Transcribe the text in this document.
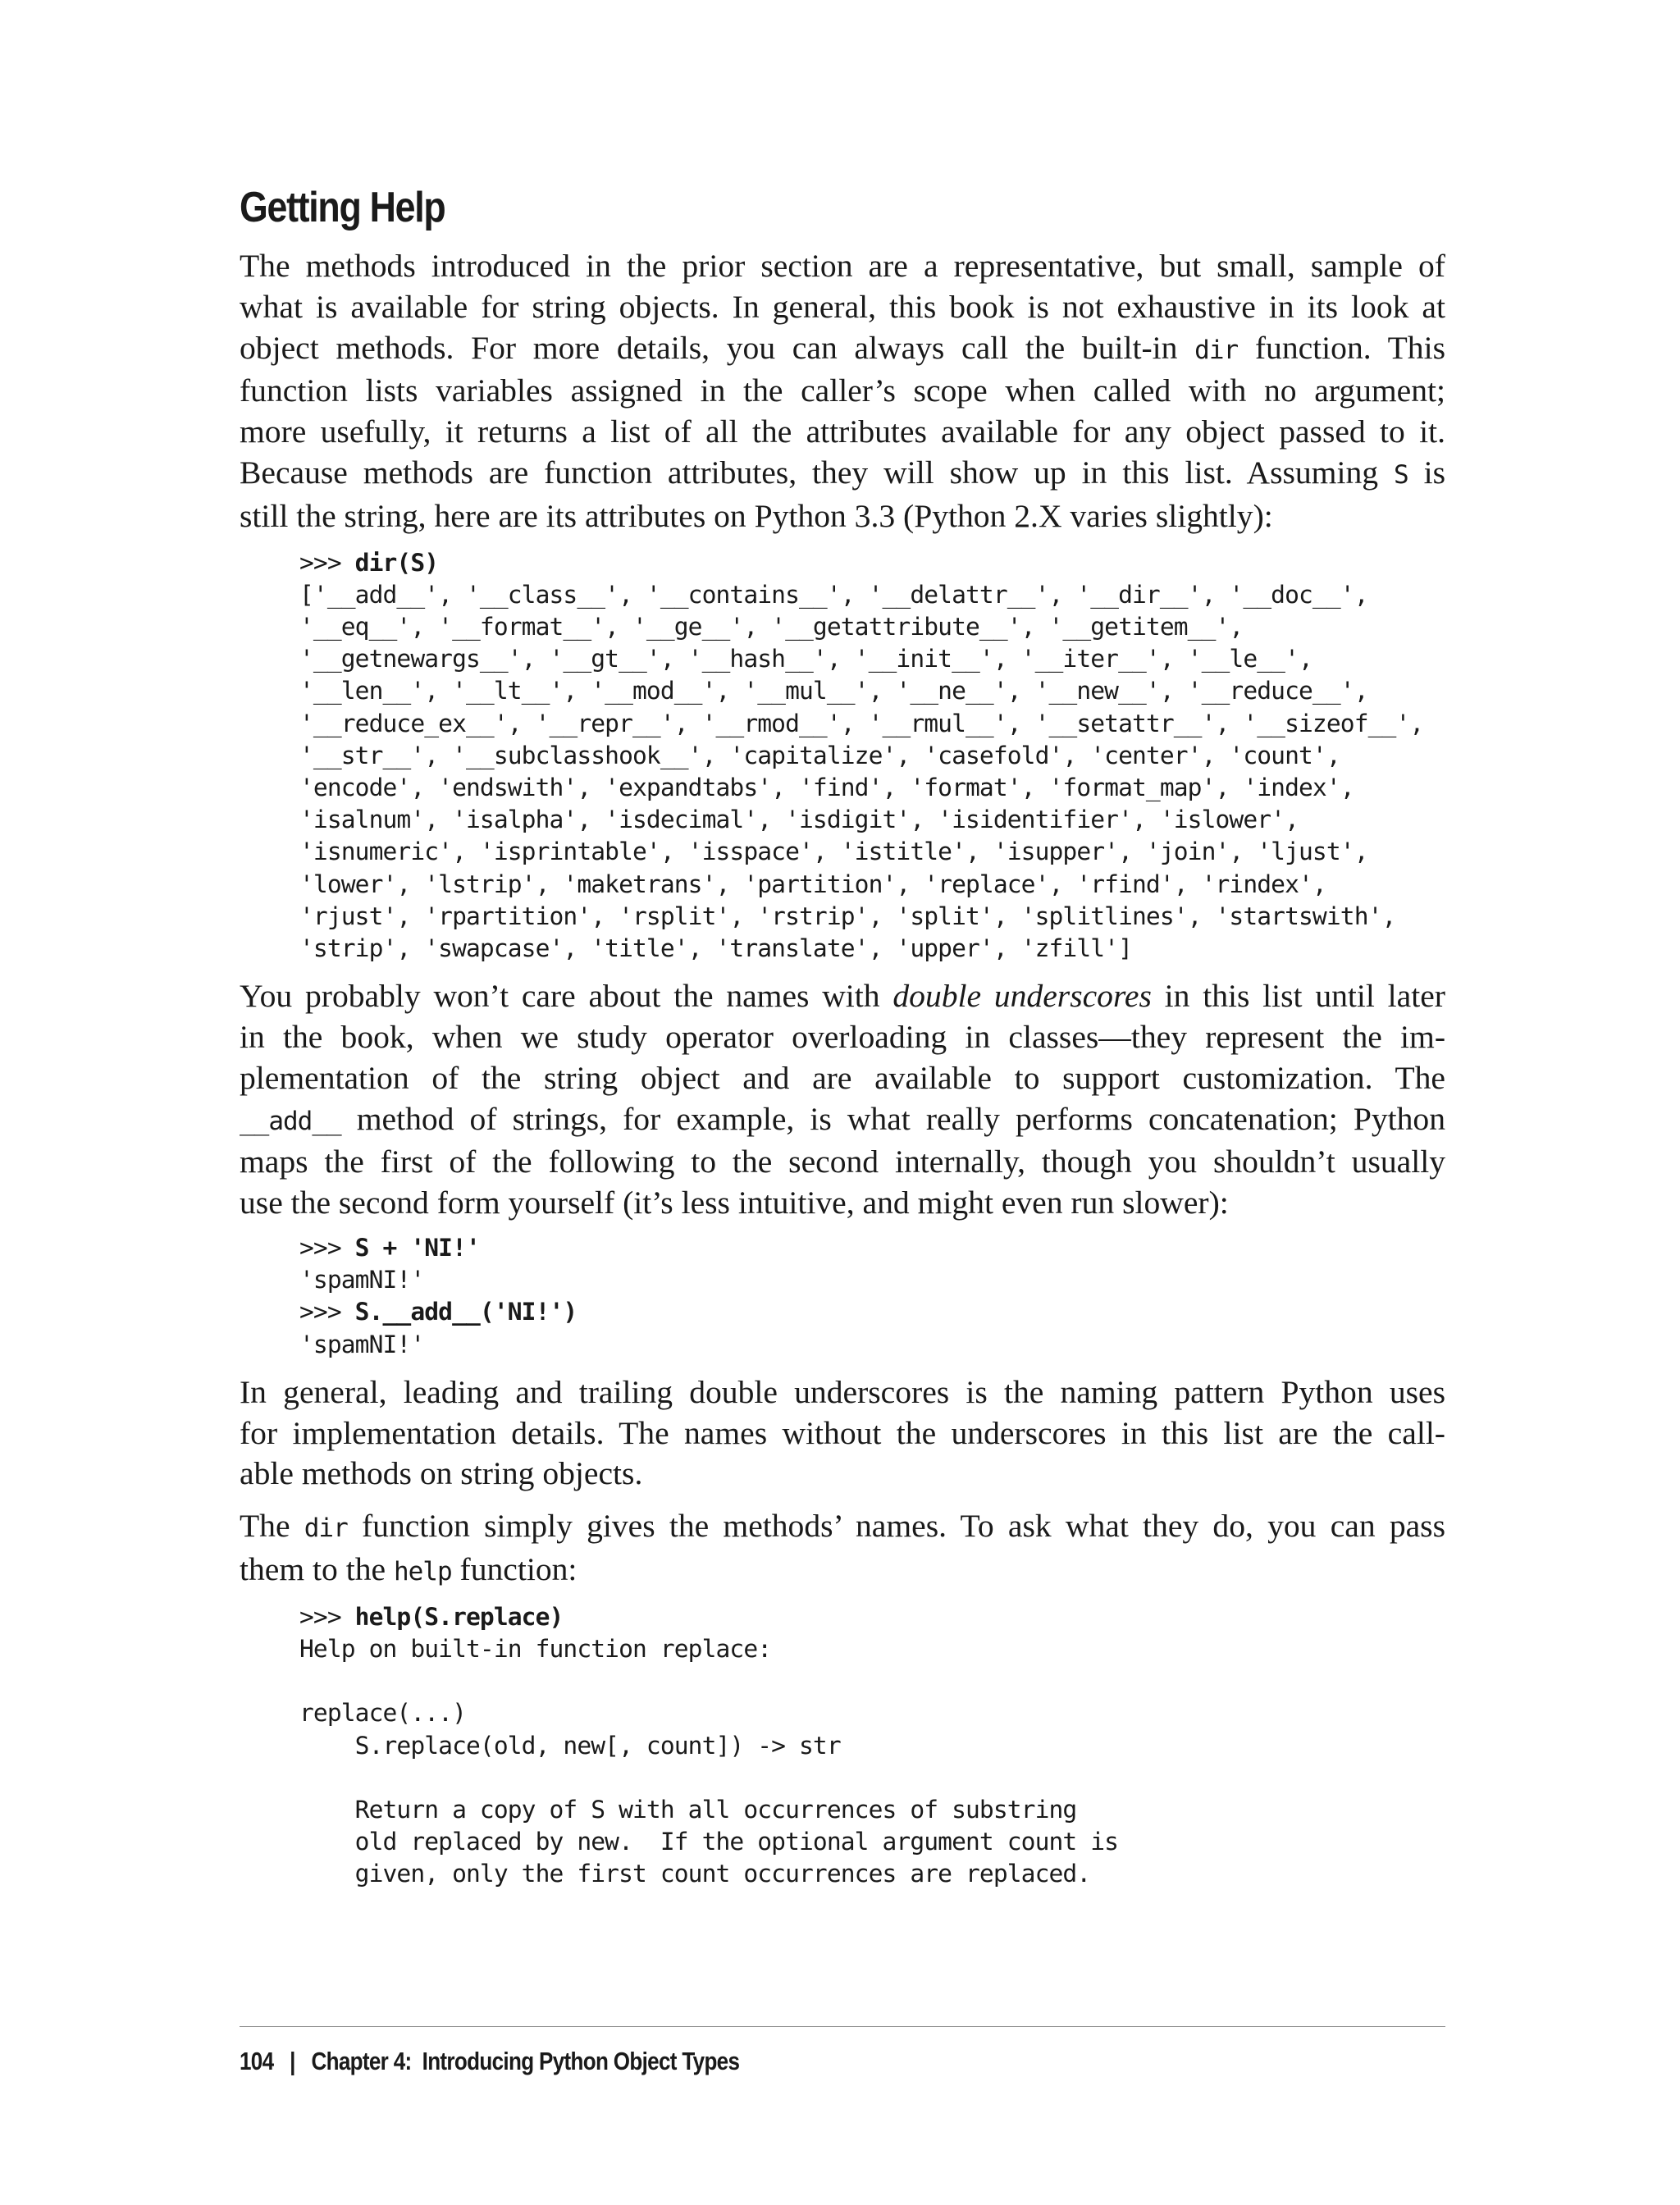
Getting Help

The methods introduced in the prior section are a representative, but small, sample of
what is available for string objects. In general, this book is not exhaustive in its look at
object methods. For more details, you can always call the built-in dir function. This
function lists variables assigned in the caller’s scope when called with no argument;
more usefully, it returns a list of all the attributes available for any object passed to it.
Because methods are function attributes, they will show up in this list. Assuming S is
still the string, here are its attributes on Python 3.3 (Python 2.X varies slightly):

>>> dir(S)
['__add__', '__class__', '__contains__', '__delattr__', '__dir__', '__doc__',
'__eq__', '__format__', '__ge__', '__getattribute__', '__getitem__',
'__getnewargs__', '__gt__', '__hash__', '__init__', '__iter__', '__le__',
'__len__', '__lt__', '__mod__', '__mul__', '__ne__', '__new__', '__reduce__',
'__reduce_ex__', '__repr__', '__rmod__', '__rmul__', '__setattr__', '__sizeof__',
'__str__', '__subclasshook__', 'capitalize', 'casefold', 'center', 'count',
'encode', 'endswith', 'expandtabs', 'find', 'format', 'format_map', 'index',
'isalnum', 'isalpha', 'isdecimal', 'isdigit', 'isidentifier', 'islower',
'isnumeric', 'isprintable', 'isspace', 'istitle', 'isupper', 'join', 'ljust',
'lower', 'lstrip', 'maketrans', 'partition', 'replace', 'rfind', 'rindex',
'rjust', 'rpartition', 'rsplit', 'rstrip', 'split', 'splitlines', 'startswith',
'strip', 'swapcase', 'title', 'translate', 'upper', 'zfill']

You probably won’t care about the names with double underscores in this list until later
in the book, when we study operator overloading in classes—they represent the im-
plementation of the string object and are available to support customization. The
__add__ method of strings, for example, is what really performs concatenation; Python
maps the first of the following to the second internally, though you shouldn’t usually
use the second form yourself (it’s less intuitive, and might even run slower):

>>> S + 'NI!'
'spamNI!'
>>> S.__add__('NI!')
'spamNI!'

In general, leading and trailing double underscores is the naming pattern Python uses
for implementation details. The names without the underscores in this list are the call-
able methods on string objects.

The dir function simply gives the methods’ names. To ask what they do, you can pass
them to the help function:

>>> help(S.replace)
Help on built-in function replace:

replace(...)
S.replace(old, new[, count]) -> str

Return a copy of S with all occurrences of substring
old replaced by new.  If the optional argument count is
given, only the first count occurrences are replaced.
104 | Chapter 4:  Introducing Python Object Types
